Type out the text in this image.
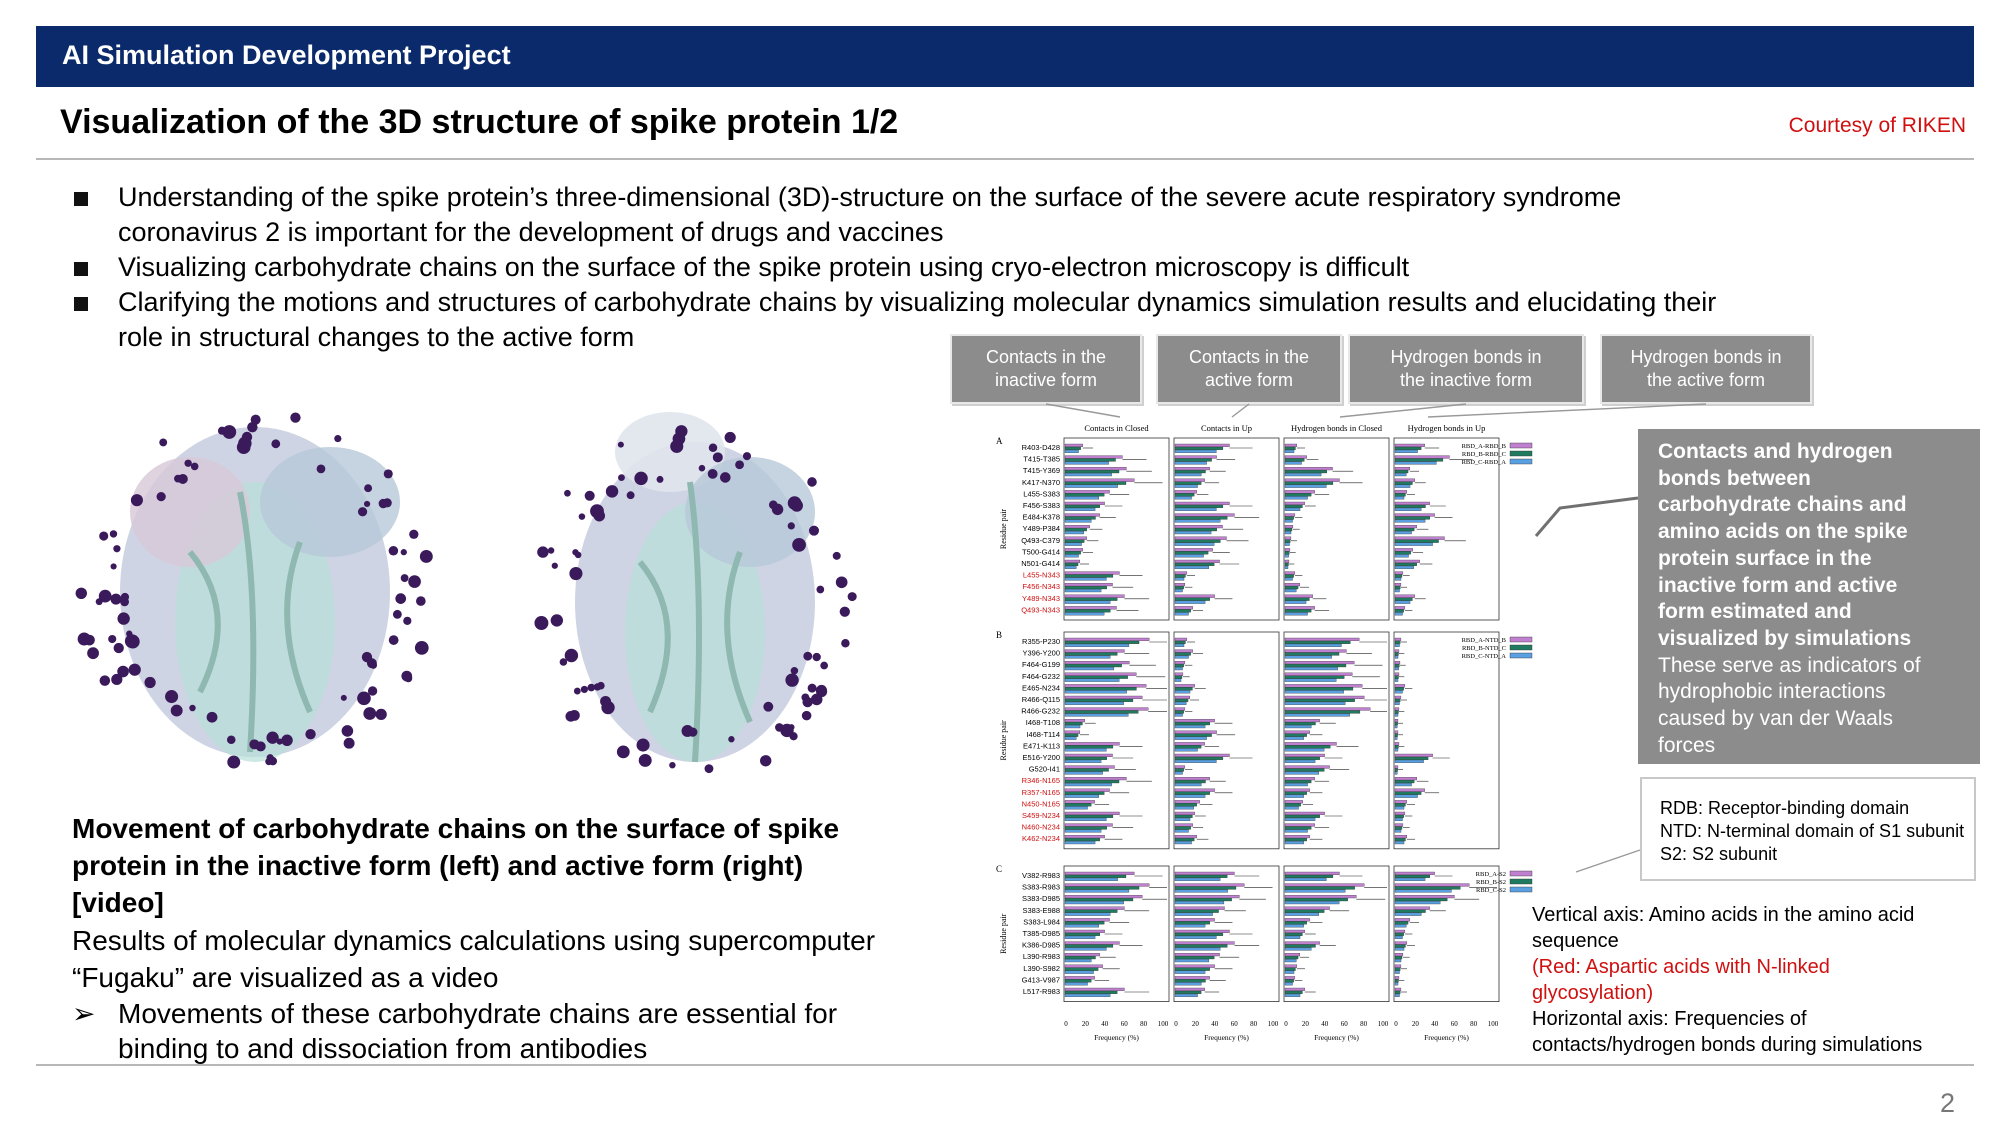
AI Simulation Development Project
Visualization of the 3D structure of spike protein 1/2	Courtesy of RIKEN
Understanding of the spike protein’s three-dimensional (3D)-structure on the surface of the severe acute respiratory syndrome
coronavirus 2 is important for the development of drugs and vaccines
Visualizing carbohydrate chains on the surface of the spike protein using cryo-electron microscopy is difficult
Clarifying the motions and structures of carbohydrate chains by visualizing molecular dynamics simulation results and elucidating their
role in structural changes to the active form
Movement of carbohydrate chains on the surface of spike
protein in the inactive form (left) and active form (right)
[video]
Results of molecular dynamics calculations using supercomputer
“Fugaku” are visualized as a video
➢ Movements of these carbohydrate chains are essential for
binding to and dissociation from antibodies
Contacts in the
inactive form
Contacts in the
active form
Hydrogen bonds in
the inactive form
Hydrogen bonds in
the active form
Contacts and hydrogen
bonds between
carbohydrate chains and
amino acids on the spike
protein surface in the
inactive form and active
form estimated and
visualized by simulations
These serve as indicators of
hydrophobic interactions
caused by van der Waals
forces
RDB: Receptor-binding domain
NTD: N-terminal domain of S1 subunit
S2: S2 subunit
Vertical axis: Amino acids in the amino acid
sequence
(Red: Aspartic acids with N-linked
glycosylation)
Horizontal axis: Frequencies of
contacts/hydrogen bonds during simulations
Contacts in Closed	Contacts in Up	Hydrogen bonds in Closed	Hydrogen bonds in Up
A
Residue pair
RBD_A-RBD_B
RBD_B-RBD_C
RBD_C-RBD_A
R403-D428
T415-T385
T415-Y369
K417-N370
L455-S383
F456-S383
E484-K378
Y489-P384
Q493-C379
T500-G414
N501-G414
L455-N343
F456-N343
Y489-N343
Q493-N343
B
Residue pair
RBD_A-NTD_B
RBD_B-NTD_C
RBD_C-NTD_A
R355-P230
Y396-Y200
F464-G199
F464-G232
E465-N234
R466-Q115
R466-G232
I468-T108
I468-T114
E471-K113
E516-Y200
G520-I41
R346-N165
R357-N165
N450-N165
S459-N234
N460-N234
K462-N234
C
Residue pair
RBD_A-S2
RBD_B-S2
RBD_C-S2
V382-R983
S383-R983
S383-D985
S383-E988
S383-L984
T385-D985
K386-D985
L390-R983
L390-S982
G413-V987
L517-R983
0 20 40 60 80 100
Frequency (%)
0 20 40 60 80 100
Frequency (%)
0 20 40 60 80 100
Frequency (%)
0 20 40 60 80 100
Frequency (%)
2
